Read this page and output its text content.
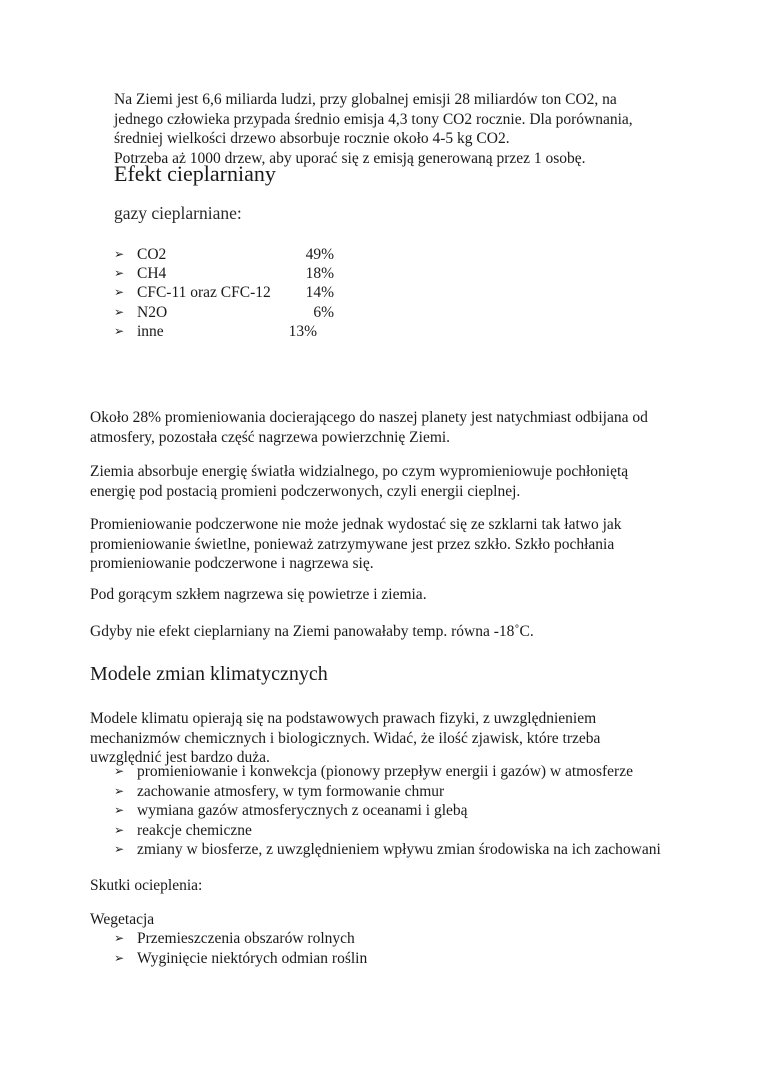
Na Ziemi jest 6,6 miliarda ludzi, przy globalnej emisji 28 miliardów ton CO2, na
jednego człowieka przypada średnio emisja 4,3 tony CO2 rocznie. Dla porównania,
średniej wielkości drzewo absorbuje rocznie około 4-5 kg CO2.
Potrzeba aż 1000 drzew, aby uporać się z emisją generowaną przez 1 osobę.
Efekt cieplarniany
gazy cieplarniane:
➢ CO2	49%
➢ CH4	18%
➢ CFC-11 oraz CFC-12 14%
➢ N2O	6%
➢ inne	13%
Około 28% promieniowania docierającego do naszej planety jest natychmiast odbijana od
atmosfery, pozostała część nagrzewa powierzchnię Ziemi.
Ziemia absorbuje energię światła widzialnego, po czym wypromieniowuje pochłoniętą
energię pod postacią promieni podczerwonych, czyli energii cieplnej.
Promieniowanie podczerwone nie może jednak wydostać się ze szklarni tak łatwo jak
promieniowanie świetlne, ponieważ zatrzymywane jest przez szkło. Szkło pochłania
promieniowanie podczerwone i nagrzewa się.
Pod gorącym szkłem nagrzewa się powietrze i ziemia.
Gdyby nie efekt cieplarniany na Ziemi panowałaby temp. równa -18˚C.
Modele zmian klimatycznych
Modele klimatu opierają się na podstawowych prawach fizyki, z uwzględnieniem
mechanizmów chemicznych i biologicznych. Widać, że ilość zjawisk, które trzeba
uwzględnić jest bardzo duża.
➢ promieniowanie i konwekcja (pionowy przepływ energii i gazów) w atmosferze
➢ zachowanie atmosfery, w tym formowanie chmur
➢ wymiana gazów atmosferycznych z oceanami i glebą
➢ reakcje chemiczne
➢ zmiany w biosferze, z uwzględnieniem wpływu zmian środowiska na ich zachowani
Skutki ocieplenia:
Wegetacja
➢ Przemieszczenia obszarów rolnych
➢ Wyginięcie niektórych odmian roślin
